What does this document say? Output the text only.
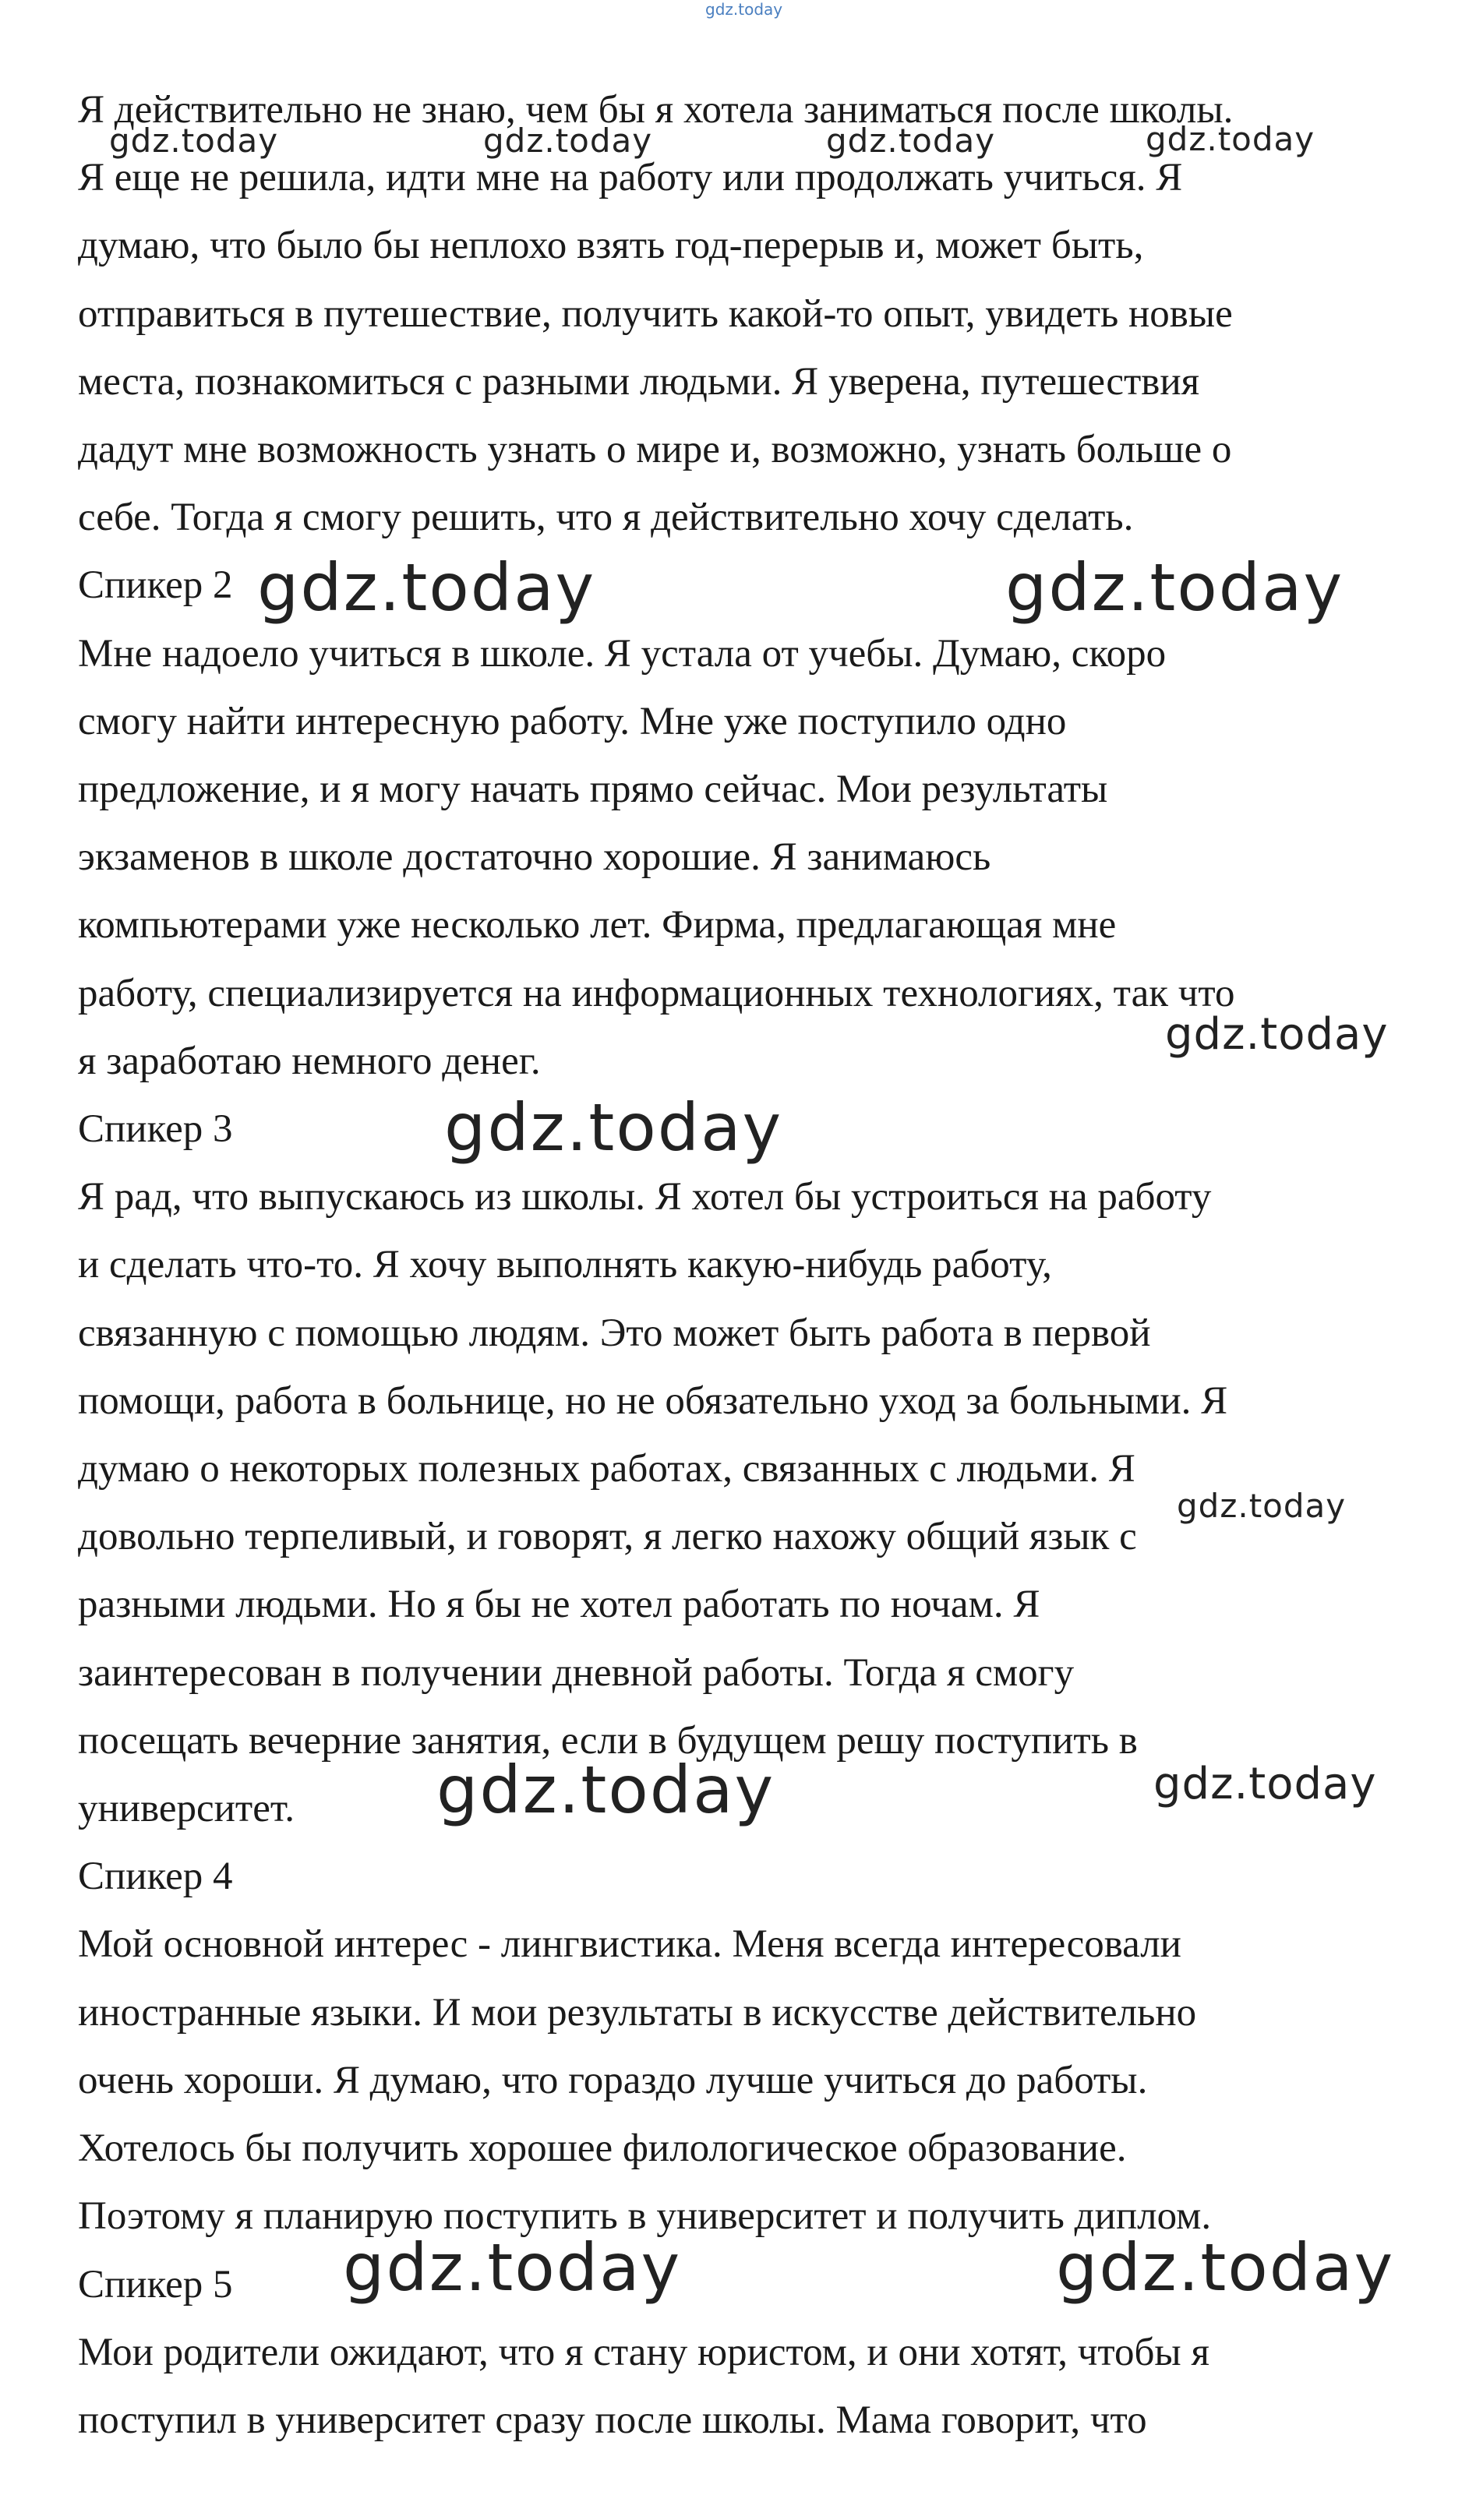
Я действительно не знаю, чем бы я хотела заниматься после школы.
Я еще не решила, идти мне на работу или продолжать учиться. Я
думаю, что было бы неплохо взять год-перерыв и, может быть,
отправиться в путешествие, получить какой-то опыт, увидеть новые
места, познакомиться с разными людьми. Я уверена, путешествия
дадут мне возможность узнать о мире и, возможно, узнать больше о
себе. Тогда я смогу решить, что я действительно хочу сделать.

Спикер 2

Мне надоело учиться в школе. Я устала от учебы. Думаю, скоро
смогу найти интересную работу. Мне уже поступило одно
предложение, и я могу начать прямо сейчас. Мои результаты
экзаменов в школе достаточно хорошие. Я занимаюсь
компьютерами уже несколько лет. Фирма, предлагающая мне
работу, специализируется на информационных технологиях, так что
я заработаю немного денег.

Спикер 3

Я рад, что выпускаюсь из школы. Я хотел бы устроиться на работу
и сделать что-то. Я хочу выполнять какую-нибудь работу,
связанную с помощью людям. Это может быть работа в первой
помощи, работа в больнице, но не обязательно уход за больными. Я
думаю о некоторых полезных работах, связанных с людьми. Я
довольно терпеливый, и говорят, я легко нахожу общий язык с
разными людьми. Но я бы не хотел работать по ночам. Я
заинтересован в получении дневной работы. Тогда я смогу
посещать вечерние занятия, если в будущем решу поступить в
университет.

Спикер 4

Мой основной интерес - лингвистика. Меня всегда интересовали
иностранные языки. И мои результаты в искусстве действительно
очень хороши. Я думаю, что гораздо лучше учиться до работы.
Хотелось бы получить хорошее филологическое образование.
Поэтому я планирую поступить в университет и получить диплом.

Спикер 5

Мои родители ожидают, что я стану юристом, и они хотят, чтобы я
поступил в университет сразу после школы. Мама говорит, что

gdz.today
gdz.today	gdz.today	gdz.today	gdz.today
gdz.today	gdz.today
gdz.today
gdz.today
gdz.today
gdz.today
gdz.today
gdz.today	gdz.today
